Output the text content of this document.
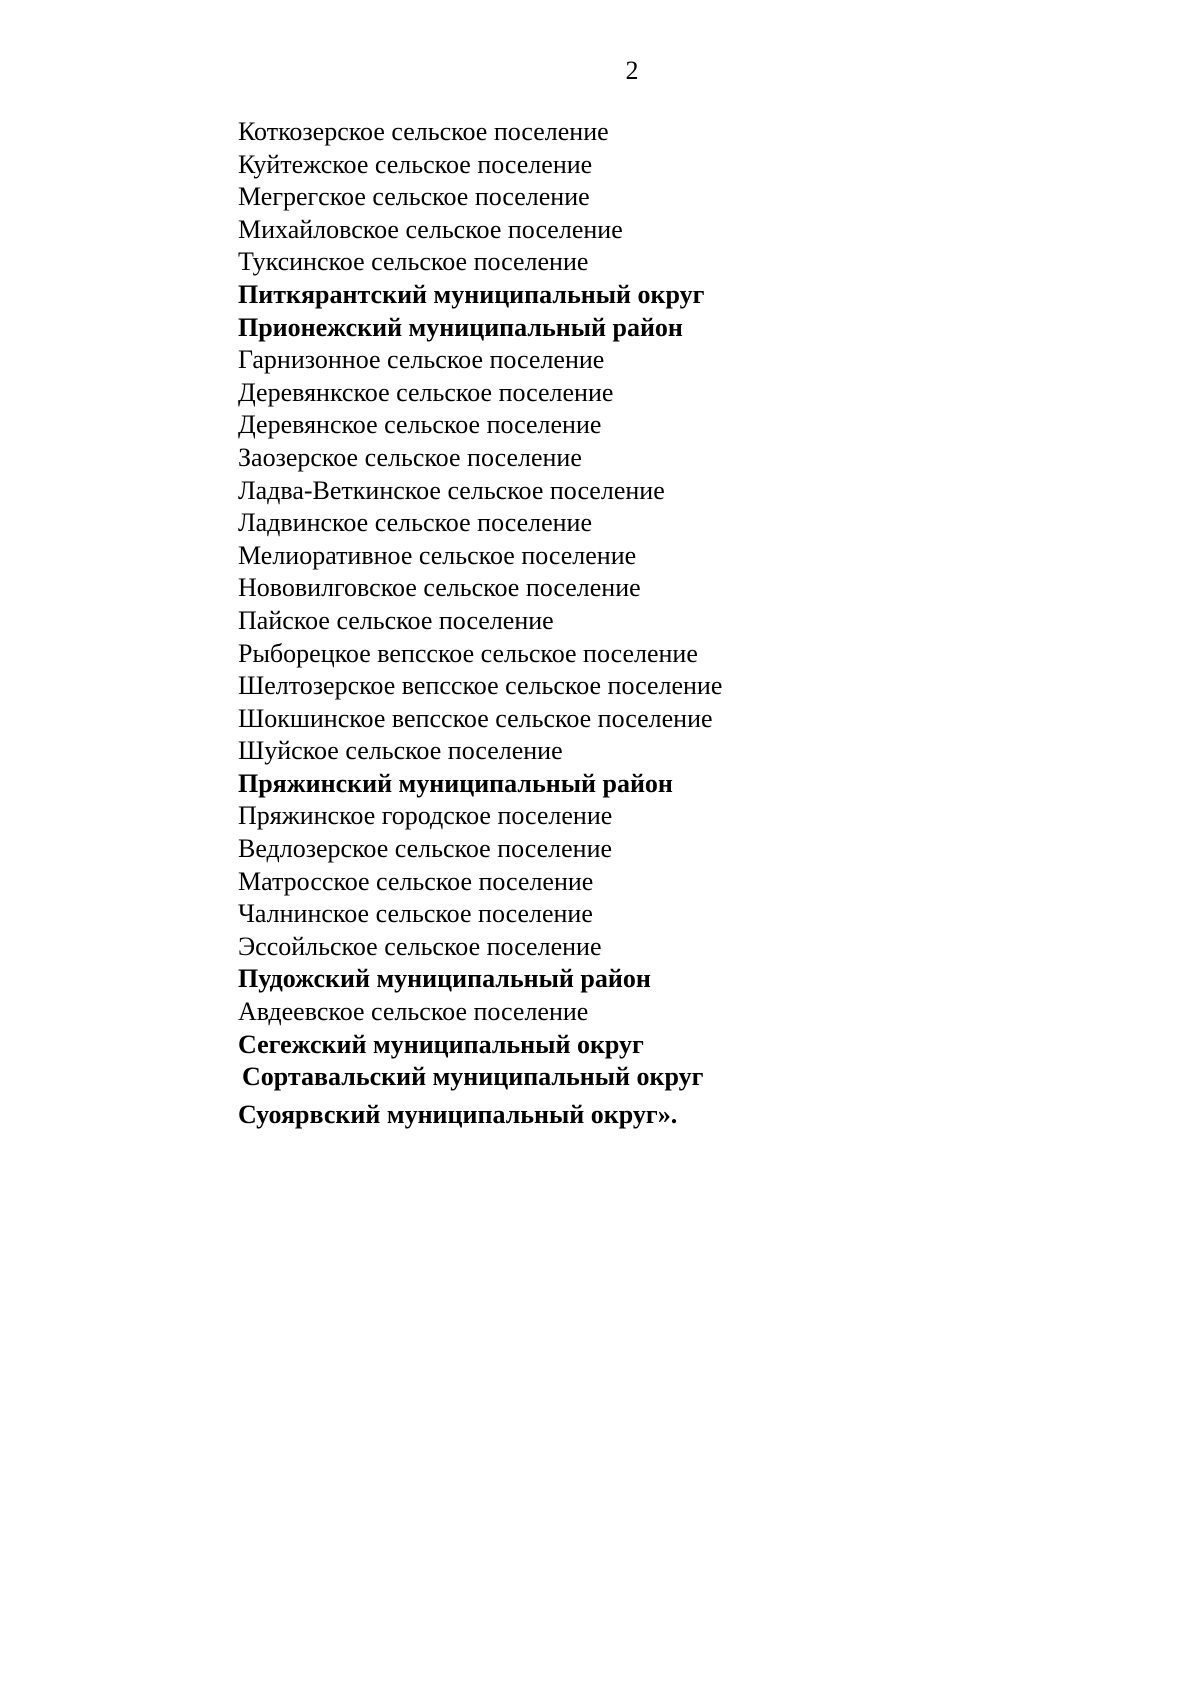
2
Коткозерское сельское поселение
Куйтежское сельское поселение
Мегрегское сельское поселение
Михайловское сельское поселение
Туксинское сельское поселение
Питкярантский муниципальный округ
Прионежский муниципальный район
Гарнизонное сельское поселение
Деревянкское сельское поселение
Деревянское сельское поселение
Заозерское сельское поселение
Ладва-Веткинское сельское поселение
Ладвинское сельское поселение
Мелиоративное сельское поселение
Нововилговское сельское поселение
Пайское сельское поселение
Рыборецкое вепсское сельское поселение
Шелтозерское вепсское сельское поселение
Шокшинское вепсское сельское поселение
Шуйское сельское поселение
Пряжинский муниципальный район
Пряжинское городское поселение
Ведлозерское сельское поселение
Матросское сельское поселение
Чалнинское сельское поселение
Эссойльское сельское поселение
Пудожский муниципальный район
Авдеевское сельское поселение
Сегежский муниципальный округ
Сортавальский муниципальный округ
Суоярвский муниципальный округ».
